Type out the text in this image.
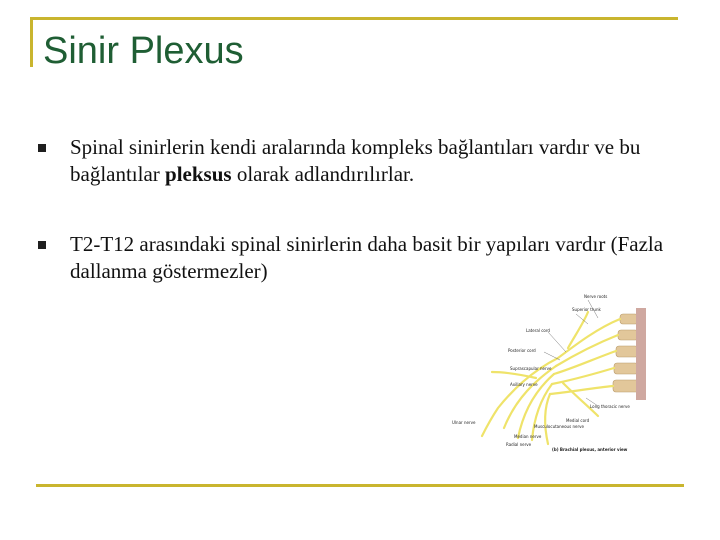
Sinir Plexus
Spinal sinirlerin kendi aralarında kompleks bağlantıları vardır ve bu bağlantılar pleksus olarak adlandırılırlar.
T2-T12 arasındaki spinal sinirlerin daha basit bir yapıları vardır (Fazla dallanma göstermezler)
Nerve roots
Superior trunk
Lateral cord
Posterior cord
Suprascapular nerve
Axillary nerve
Long thoracic nerve
Medial cord
Ulnar nerve
Musculocutaneous nerve
Median nerve
Radial nerve
(b) Brachial plexus, anterior view
